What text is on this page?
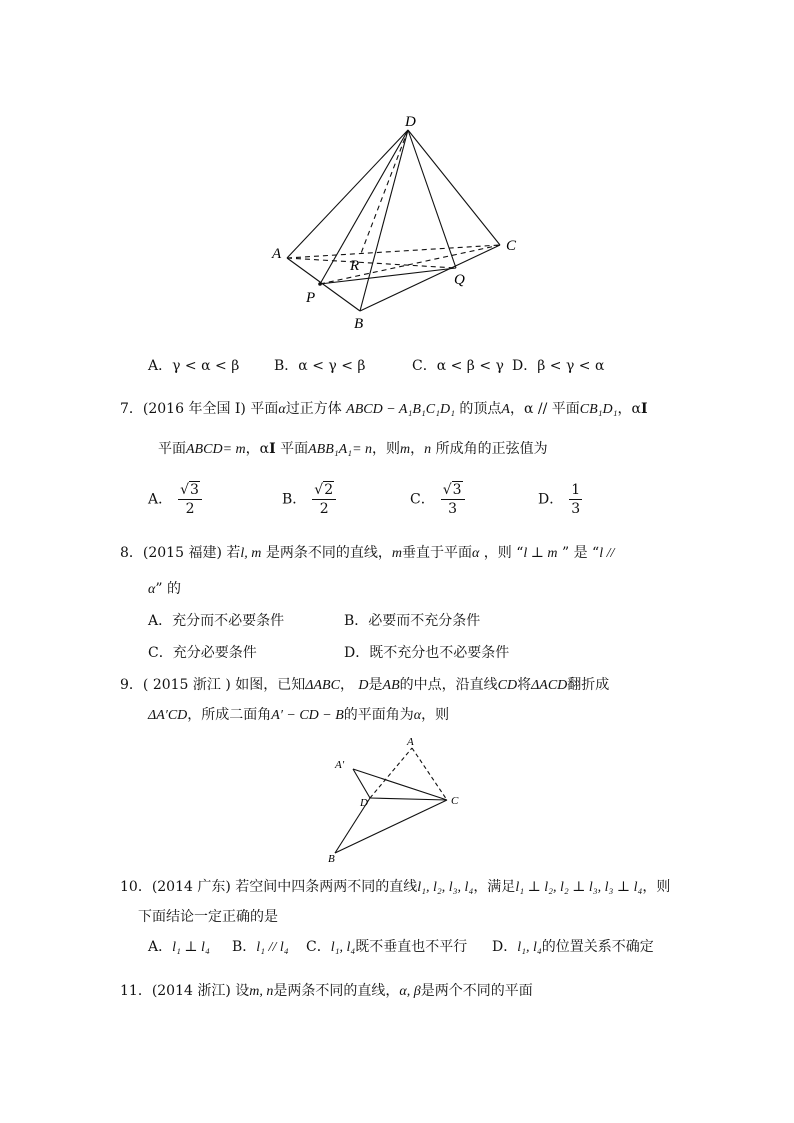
D
A	C
R
Q
P
B
A．γ < α < β B．α < γ < β	C．α < β < γ D．β < γ < α
7．(2016 年全国 I) 平面α过正方体 ABCD − A₁B₁C₁D₁ 的顶点A，α // 平面CB₁D₁，αⅠ
平面ABCD= m，αⅠ 平面ABB₁A₁= n，则m，n 所成角的正弦值为
A． $\frac{√3}{2}$	B． $\frac{√2}{2}$	C． $\frac{√3}{3}$	D． $\frac{1}{3}$
8．(2015 福建) 若l, m 是两条不同的直线，m垂直于平面α ，则 “l ⊥ m ” 是 “l //
α” 的
A．充分而不必要条件	B．必要而不充分条件
C．充分必要条件	D．既不充分也不必要条件
9．( 2015 浙江 ) 如图，已知ΔABC， D是AB的中点，沿直线CD将ΔACD翻折成
ΔA′CD，所成二面角A′ − CD − B的平面角为α，则
A
A′
D	C
B
10．(2014 广东) 若空间中四条两两不同的直线l₁, l₂, l₃, l₄，满足l₁ ⊥ l₂, l₂ ⊥ l₃, l₃ ⊥ l₄，则
下面结论一定正确的是
A．l₁ ⊥ l₄ B．l₁ // l₄ C．l₁, l₄既不垂直也不平行 D．l₁, l₄的位置关系不确定
11．(2014 浙江) 设m, n是两条不同的直线，α, β是两个不同的平面
